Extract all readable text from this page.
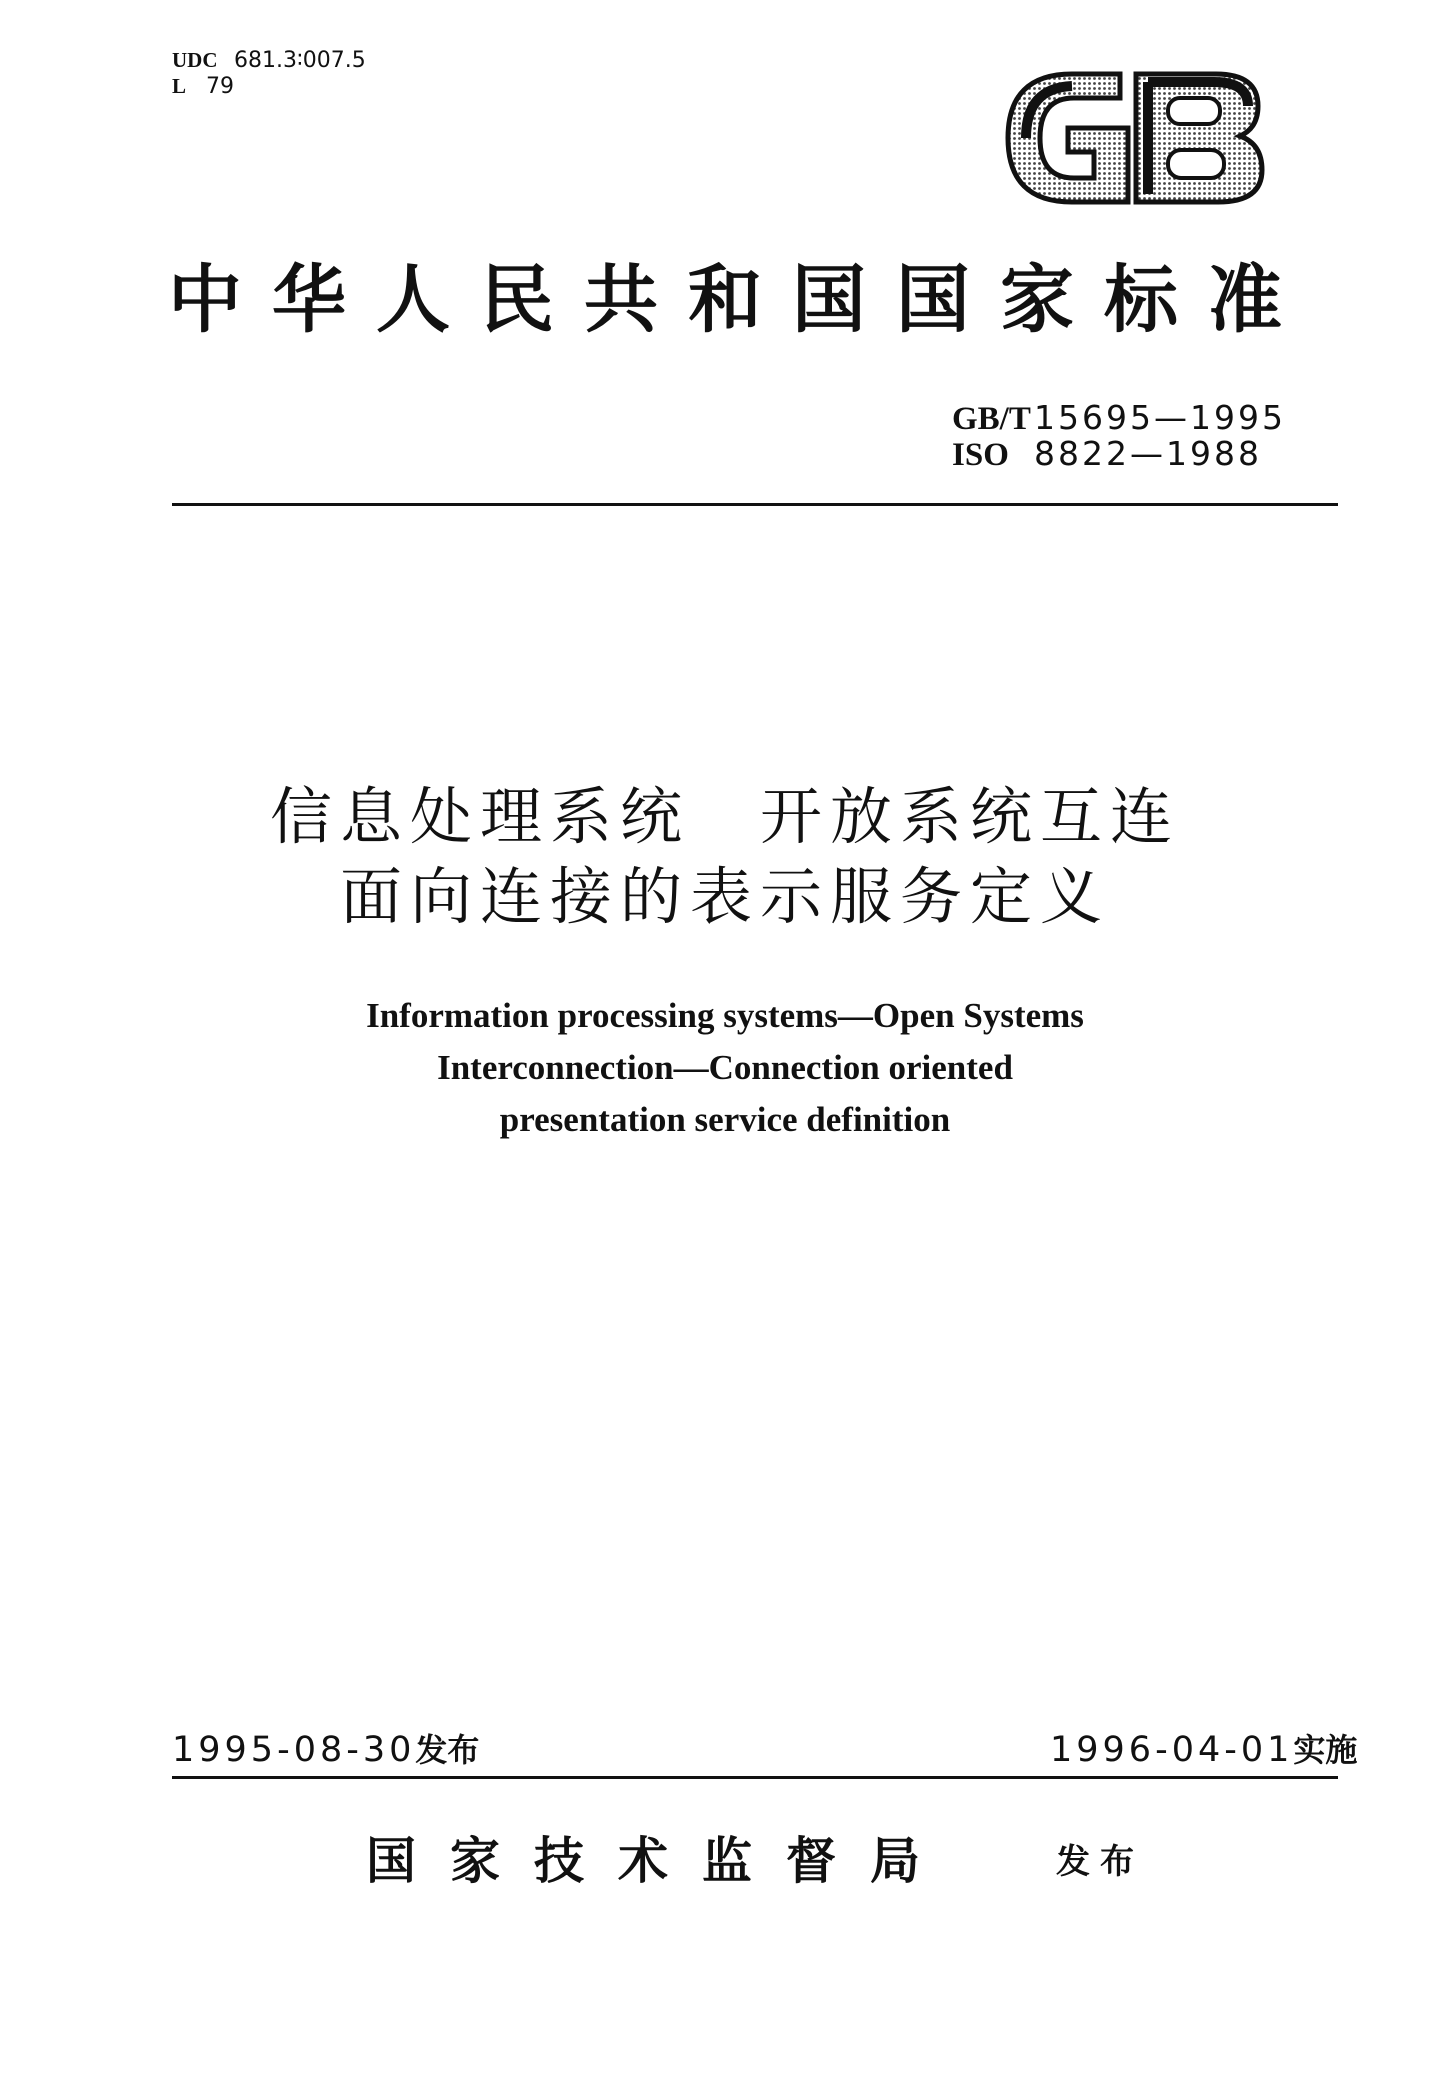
UDC 681.3∶007.5
L 79
中华人民共和国国家标准
GB/T15695—1995
ISO 8822—1988
信息处理系统　开放系统互连
面向连接的表示服务定义
Information processing systems—Open Systems
Interconnection—Connection oriented
presentation service definition
1995-08-30发布	1996-04-01实施
国家技术监督局	发布
